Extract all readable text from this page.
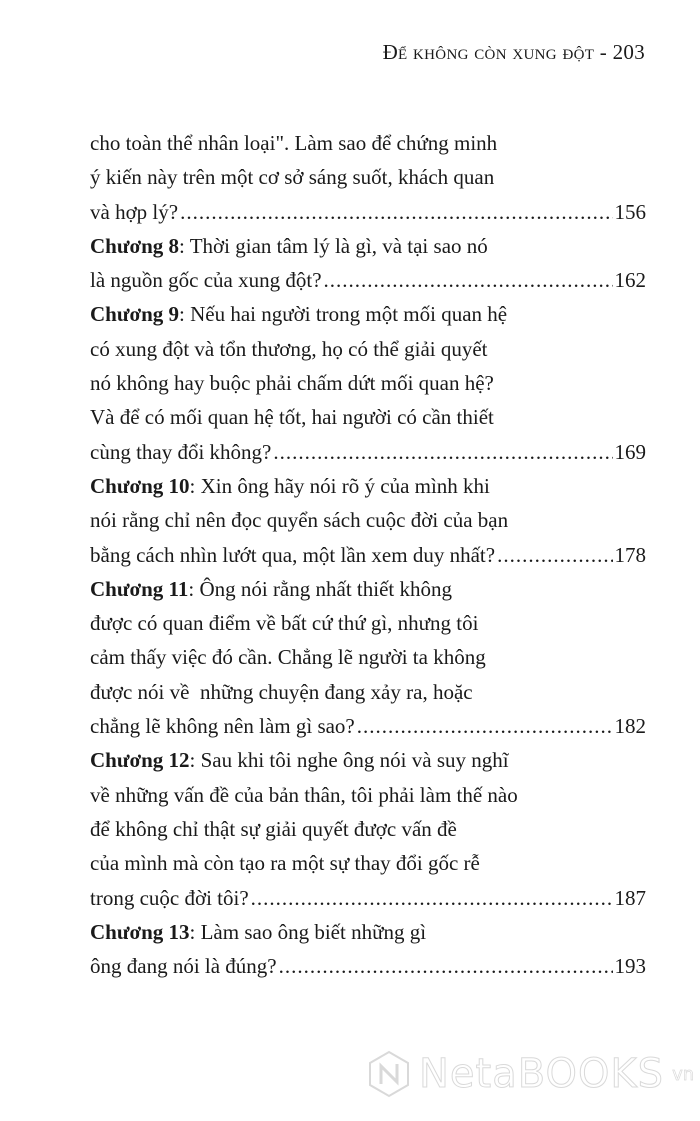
Để không còn xung đột - 203
cho toàn thể nhân loại". Làm sao để chứng minh
ý kiến này trên một cơ sở sáng suốt, khách quan
và hợp lý? .....	156
Chương 8 : Thời gian tâm lý là gì, và tại sao nó
là nguồn gốc của xung đột? .....	162
Chương 9 : Nếu hai người trong một mối quan hệ
có xung đột và tổn thương, họ có thể giải quyết
nó không hay buộc phải chấm dứt mối quan hệ?
Và để có mối quan hệ tốt, hai người có cần thiết
cùng thay đổi không? .....	169
Chương 10 : Xin ông hãy nói rõ ý của mình khi
nói rằng chỉ nên đọc quyển sách cuộc đời của bạn
bằng cách nhìn lướt qua, một lần xem duy nhất? .....	178
Chương 11 : Ông nói rằng nhất thiết không
được có quan điểm về bất cứ thứ gì, nhưng tôi
cảm thấy việc đó cần. Chẳng lẽ người ta không
được nói về  những chuyện đang xảy ra, hoặc
chẳng lẽ không nên làm gì sao? .....	182
Chương 12 : Sau khi tôi nghe ông nói và suy nghĩ
về những vấn đề của bản thân, tôi phải làm thế nào
để không chỉ thật sự giải quyết được vấn đề
của mình mà còn tạo ra một sự thay đổi gốc rễ
trong cuộc đời tôi? .....	187
Chương 13 : Làm sao ông biết những gì
ông đang nói là đúng? .....	193
NetaBOOKS vn
